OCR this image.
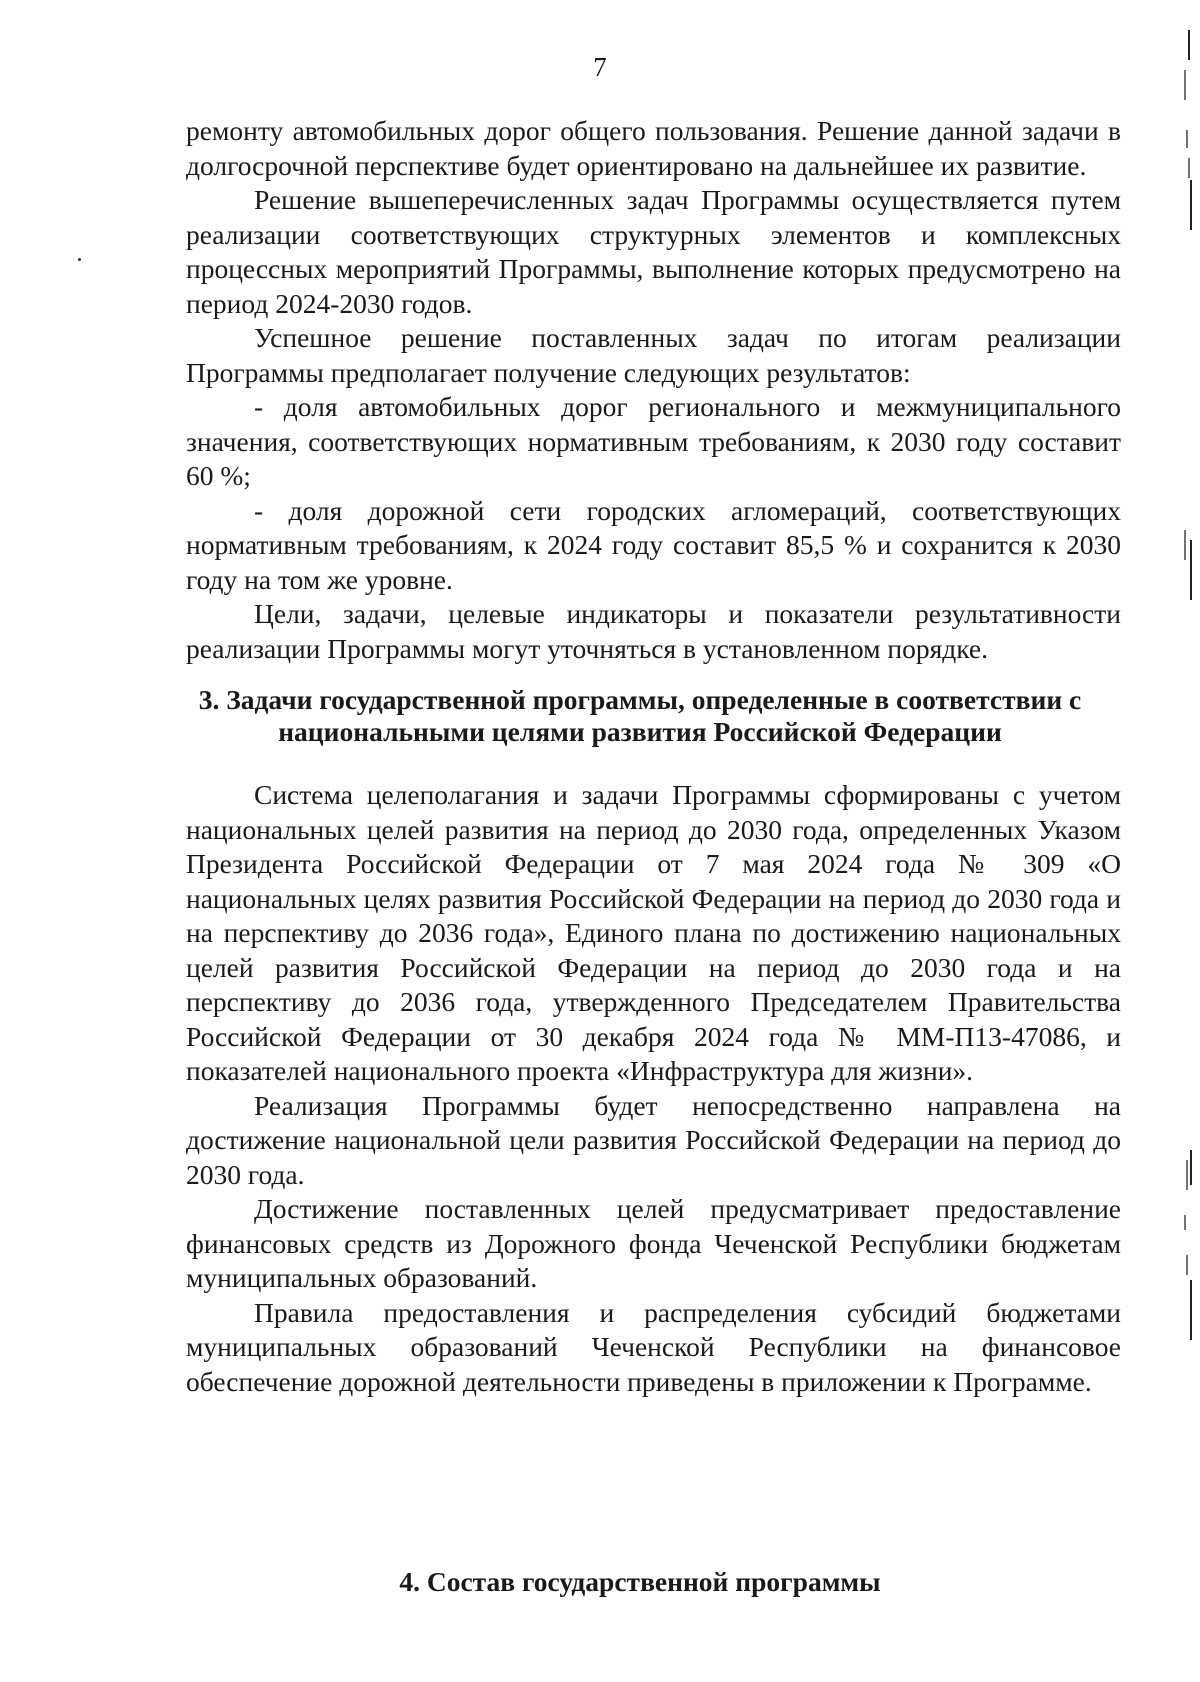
7

ремонту автомобильных дорог общего пользования. Решение данной задачи в долгосрочной перспективе будет ориентировано на дальнейшее их развитие.

Решение вышеперечисленных задач Программы осуществляется путем реализации соответствующих структурных элементов и комплексных процессных мероприятий Программы, выполнение которых предусмотрено на период 2024-2030 годов.

Успешное решение поставленных задач по итогам реализации Программы предполагает получение следующих результатов:

- доля автомобильных дорог регионального и межмуниципального значения, соответствующих нормативным требованиям, к 2030 году составит 60 %;

- доля дорожной сети городских агломераций, соответствующих нормативным требованиям, к 2024 году составит 85,5 % и сохранится к 2030 году на том же уровне.

Цели, задачи, целевые индикаторы и показатели результативности реализации Программы могут уточняться в установленном порядке.

3. Задачи государственной программы, определенные в соответствии с национальными целями развития Российской Федерации

Система целеполагания и задачи Программы сформированы с учетом национальных целей развития на период до 2030 года, определенных Указом Президента Российской Федерации от 7 мая 2024 года № 309 «О национальных целях развития Российской Федерации на период до 2030 года и на перспективу до 2036 года», Единого плана по достижению национальных целей развития Российской Федерации на период до 2030 года и на перспективу до 2036 года, утвержденного Председателем Правительства Российской Федерации от 30 декабря 2024 года № ММ-П13-47086, и показателей национального проекта «Инфраструктура для жизни».

Реализация Программы будет непосредственно направлена на достижение национальной цели развития Российской Федерации на период до 2030 года.

Достижение поставленных целей предусматривает предоставление финансовых средств из Дорожного фонда Чеченской Республики бюджетам муниципальных образований.

Правила предоставления и распределения субсидий бюджетами муниципальных образований Чеченской Республики на финансовое обеспечение дорожной деятельности приведены в приложении к Программе.

4. Состав государственной программы
